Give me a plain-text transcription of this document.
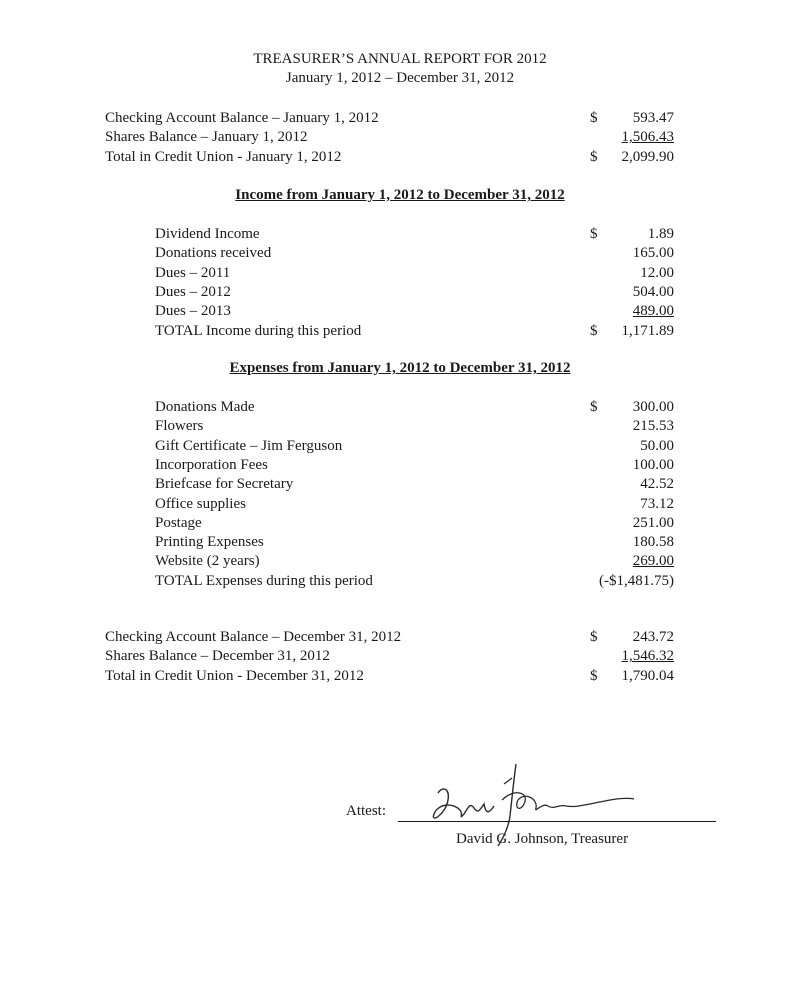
TREASURER’S ANNUAL REPORT FOR 2012
January 1, 2012 – December 31, 2012
Checking Account Balance – January 1, 2012	$ 593.47
Shares Balance – January 1, 2012	1,506.43
Total in Credit Union - January 1, 2012	$ 2,099.90
Income from January 1, 2012 to December 31, 2012
Dividend Income	$	1.89
Donations received	165.00
Dues – 2011	12.00
Dues – 2012	504.00
Dues – 2013	489.00
TOTAL Income during this period	$ 1,171.89
Expenses from January 1, 2012 to December 31, 2012
Donations Made	$ 300.00
Flowers	215.53
Gift Certificate – Jim Ferguson	50.00
Incorporation Fees	100.00
Briefcase for Secretary	42.52
Office supplies	73.12
Postage	251.00
Printing Expenses	180.58
Website (2 years)	269.00
TOTAL Expenses during this period	(-$1,481.75)
Checking Account Balance – December 31, 2012	$ 243.72
Shares Balance – December 31, 2012	1,546.32
Total in Credit Union - December 31, 2012	$ 1,790.04
Attest:
David G. Johnson, Treasurer
